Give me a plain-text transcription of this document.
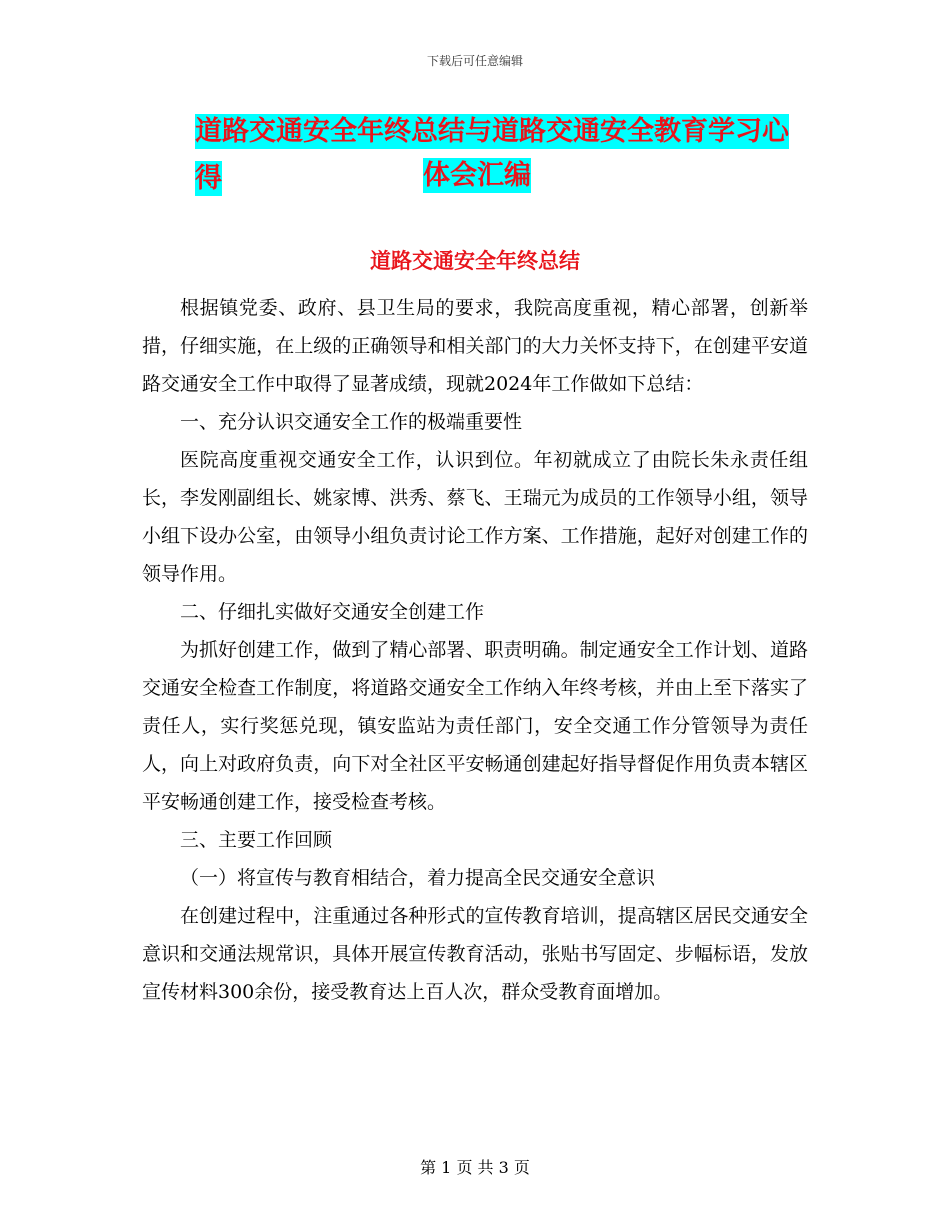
下载后可任意编辑
道路交通安全年终总结与道路交通安全教育学习心得	体会汇编
道路交通安全年终总结

根据镇党委、政府、县卫生局的要求，我院高度重视，精心部署，创新举措，仔细实施，在上级的正确领导和相关部门的大力关怀支持下，在创建平安道路交通安全工作中取得了显著成绩，现就2024年工作做如下总结：

一、充分认识交通安全工作的极端重要性

医院高度重视交通安全工作，认识到位。年初就成立了由院长朱永责任组长，李发刚副组长、姚家博、洪秀、蔡飞、王瑞元为成员的工作领导小组，领导小组下设办公室，由领导小组负责讨论工作方案、工作措施，起好对创建工作的领导作用。

二、仔细扎实做好交通安全创建工作

为抓好创建工作，做到了精心部署、职责明确。制定通安全工作计划、道路交通安全检查工作制度，将道路交通安全工作纳入年终考核，并由上至下落实了责任人，实行奖惩兑现，镇安监站为责任部门，安全交通工作分管领导为责任人，向上对政府负责，向下对全社区平安畅通创建起好指导督促作用负责本辖区平安畅通创建工作，接受检查考核。

三、主要工作回顾

（一）将宣传与教育相结合，着力提高全民交通安全意识

在创建过程中，注重通过各种形式的宣传教育培训，提高辖区居民交通安全意识和交通法规常识，具体开展宣传教育活动，张贴书写固定、步幅标语，发放宣传材料300余份，接受教育达上百人次，群众受教育面增加。

第 1 页 共 3 页
